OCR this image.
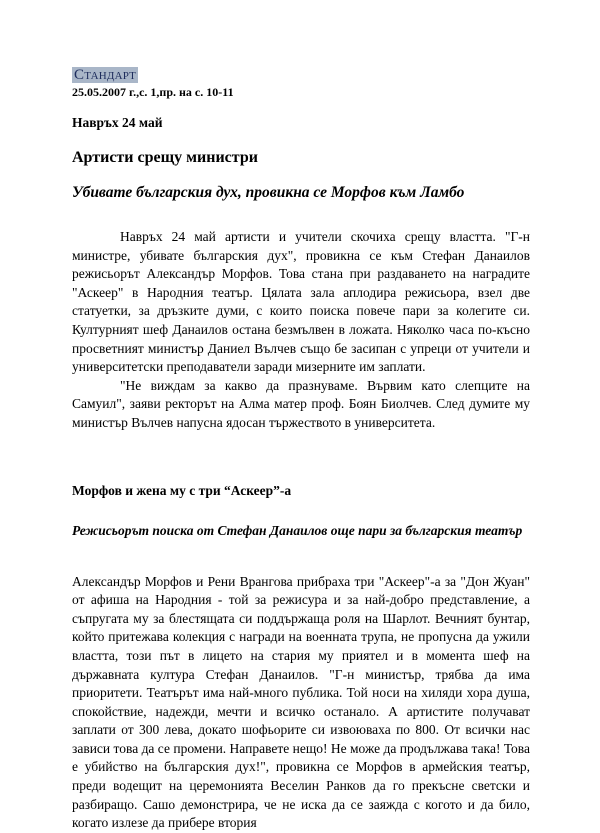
Стандарт
25.05.2007 г.,с. 1,пр. на с. 10-11
Навръх 24 май
Артисти срещу министри
Убивате българския дух, провикна се Морфов към Ламбо

Навръх 24 май артисти и учители скочиха срещу властта. "Г-н министре, убивате българския дух", провикна се към Стефан Данаилов режисьорът Александър Морфов. Това стана при раздаването на наградите "Аскеер" в Народния театър. Цялата зала аплодира режисьора, взел две статуетки, за дръзките думи, с които поиска повече пари за колегите си. Културният шеф Данаилов остана безмълвен в ложата. Няколко часа по-късно просветният министър Даниел Вълчев също бе засипан с упреци от учители и университетски преподаватели заради мизерните им заплати.

"Не виждам за какво да празнуваме. Вървим като слепците на Самуил", заяви ректорът на Алма матер проф. Боян Биолчев. След думите му министър Вълчев напусна ядосан тържеството в университета.

Морфов и жена му с три “Аскеер”-а
Режисьорът поиска от Стефан Данаилов още пари за българския театър

Александър Морфов и Рени Врангова прибраха три "Аскеер"-а за "Дон Жуан" от афиша на Народния - той за режисура и за най-добро представление, а съпругата му за блестящата си поддържаща роля на Шарлот. Вечният бунтар, който притежава колекция с награди на военната трупа, не пропусна да ужили властта, този път в лицето на стария му приятел и в момента шеф на държавната култура Стефан Данаилов. "Г-н министър, трябва да има приоритети. Театърът има най-много публика. Той носи на хиляди хора душа, спокойствие, надежди, мечти и всичко останало. А артистите получават заплати от 300 лева, докато шофьорите си извоюваха по 800. От всички нас зависи това да се промени. Направете нещо! Не може да продължава така! Това е убийство на българския дух!", провикна се Морфов в армейския театър, преди водещит на церемонията Веселин Ранков да го прекъсне светски и разбиращо. Сашо демонстрира, че не иска да се заяжда с когото и да било, когато излезе да прибере втория
